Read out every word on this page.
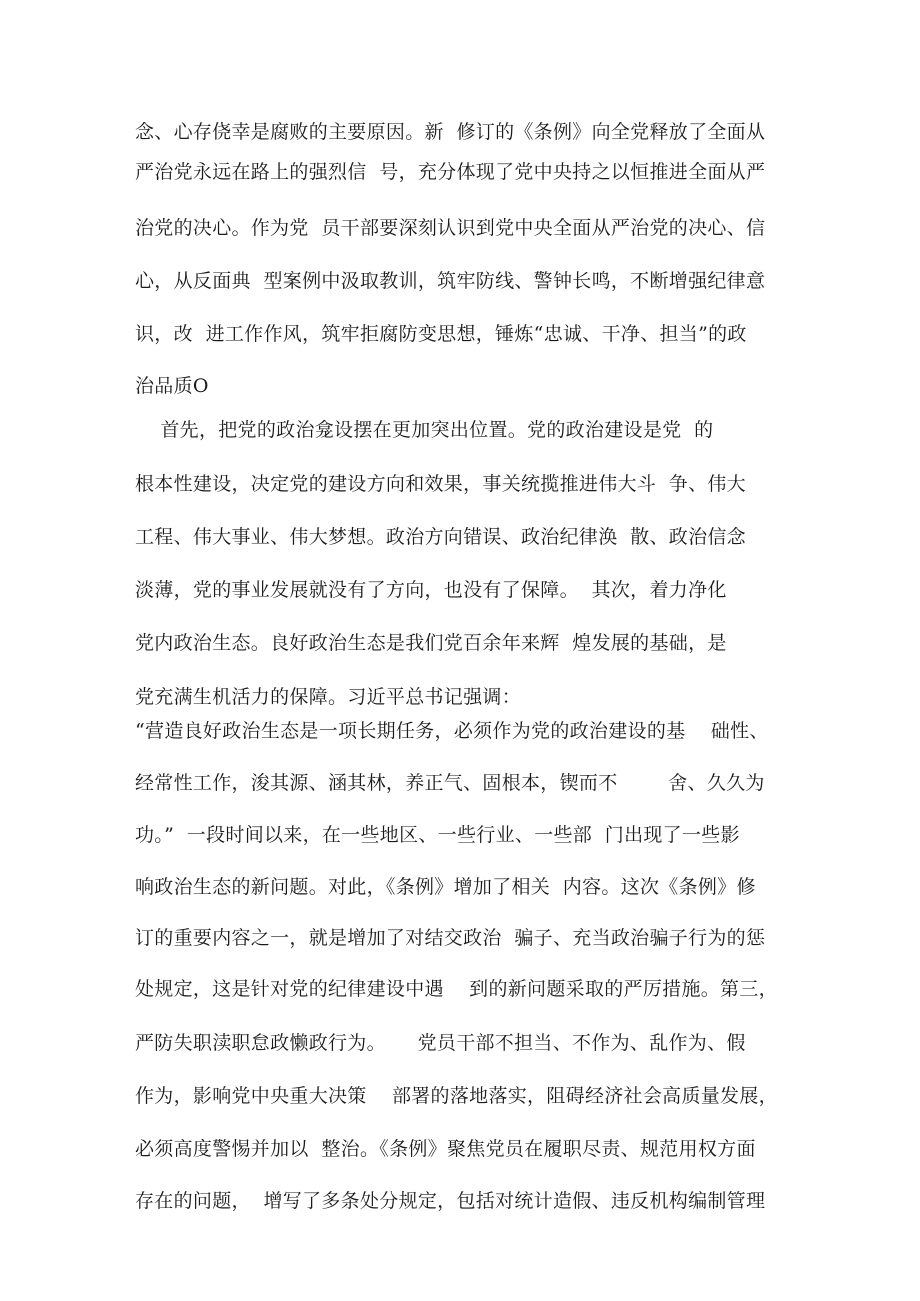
念、心存侥幸是腐败的主要原因。新  修订的《条例》向全党释放了全面从
严治党永远在路上的强烈信  号，充分体现了党中央持之以恒推进全面从严
治党的决心。作为党  员干部要深刻认识到党中央全面从严治党的决心、信
心，从反面典  型案例中汲取教训，筑牢防线、警钟长鸣，不断增强纪律意
识，改  进工作作风，筑牢拒腐防变思想，锤炼“忠诚、干净、担当”的政
治品质O
首先，把党的政治龛设摆在更加突出位置。党的政治建设是党  的
根本性建设，决定党的建设方向和效果，事关统揽推进伟大斗  争、伟大
工程、伟大事业、伟大梦想。政治方向错误、政治纪律涣  散、政治信念
淡薄，党的事业发展就没有了方向，也没有了保障。  其次，着力净化
党内政治生态。良好政治生态是我们党百余年来辉  煌发展的基础，是
党充满生机活力的保障。习近平总书记强调：
“营造良好政治生态是一项长期任务，必须作为党的政治建设的基    础性、
经常性工作，浚其源、涵其林，养正气、固根本，锲而不        舍、久久为
功。”  一段时间以来，在一些地区、一些行业、一些部  门出现了一些影
响政治生态的新问题。对此，《条例》增加了相关  内容。这次《条例》修
订的重要内容之一，就是增加了对结交政治  骗子、充当政治骗子行为的惩
处规定，这是针对党的纪律建设中遇    到的新问题采取的严厉措施。第三，
严防失职渎职怠政懒政行为。     党员干部不担当、不作为、乱作为、假
作为，影响党中央重大决策    部署的落地落实，阻碍经济社会高质量发展，
必须高度警惕并加以  整治。《条例》聚焦党员在履职尽责、规范用权方面
存在的问题，  增写了多条处分规定，包括对统计造假、违反机构编制管理
